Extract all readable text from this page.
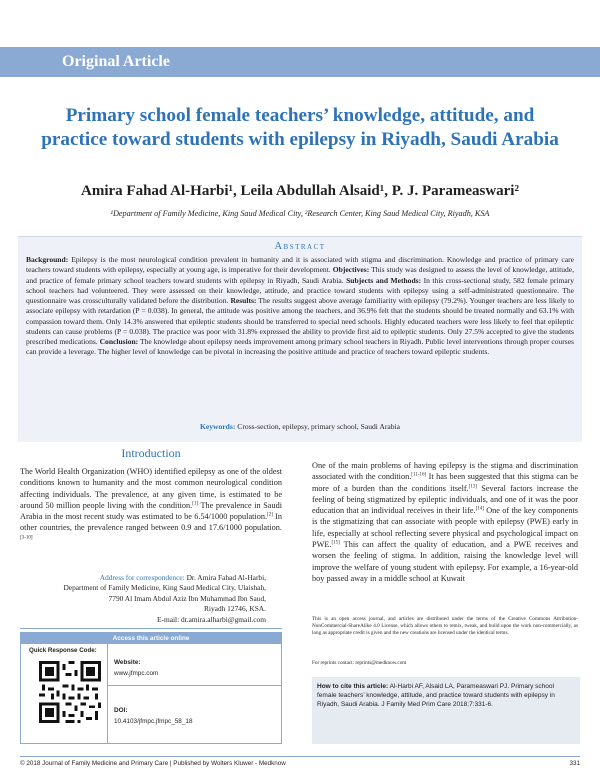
Original Article
Primary school female teachers’ knowledge, attitude, and practice toward students with epilepsy in Riyadh, Saudi Arabia
Amira Fahad Al-Harbi¹, Leila Abdullah Alsaid¹, P. J. Parameaswari²
¹Department of Family Medicine, King Saud Medical City, ²Research Center, King Saud Medical City, Riyadh, KSA
Abstract
Background: Epilepsy is the most neurological condition prevalent in humanity and it is associated with stigma and discrimination. Knowledge and practice of primary care teachers toward students with epilepsy, especially at young age, is imperative for their development. Objectives: This study was designed to assess the level of knowledge, attitude, and practice of female primary school teachers toward students with epilepsy in Riyadh, Saudi Arabia. Subjects and Methods: In this cross-sectional study, 582 female primary school teachers had volunteered. They were assessed on their knowledge, attitude, and practice toward students with epilepsy using a self-administrated questionnaire. The questionnaire was crossculturally validated before the distribution. Results: The results suggest above average familiarity with epilepsy (79.2%). Younger teachers are less likely to associate epilepsy with retardation (P = 0.038). In general, the attitude was positive among the teachers, and 36.9% felt that the students should be treated normally and 63.1% with compassion toward them. Only 14.3% answered that epileptic students should be transferred to special need schools. Highly educated teachers were less likely to feel that epileptic students can cause problems (P = 0.038). The practice was poor with 31.8% expressed the ability to provide first aid to epileptic students. Only 27.5% accepted to give the students prescribed medications. Conclusion: The knowledge about epilepsy needs improvement among primary school teachers in Riyadh. Public level interventions through proper courses can provide a leverage. The higher level of knowledge can be pivotal in increasing the positive attitude and practice of teachers toward epileptic students.
Keywords: Cross-section, epilepsy, primary school, Saudi Arabia
Introduction
The World Health Organization (WHO) identified epilepsy as one of the oldest conditions known to humanity and the most common neurological condition affecting individuals. The prevalence, at any given time, is estimated to be around 50 million people living with the condition.[1] The prevalence in Saudi Arabia in the most recent study was estimated to be 6.54/1000 population.[2] In other countries, the prevalence ranged between 0.9 and 17.6/1000 population.[3-10]
Address for correspondence: Dr. Amira Fahad Al-Harbi,
Department of Family Medicine, King Saud Medical City, Ulaishah,
7790 Al Imam Abdul Aziz Ibn Muhammad Ibn Saud,
Riyadh 12746, KSA.
E-mail: dr.amira.alharbi@gmail.com
Access this article online
Quick Response Code:
Website:
www.jfmpc.com
DOI:
10.4103/jfmpc.jfmpc_58_18
One of the main problems of having epilepsy is the stigma and discrimination associated with the condition.[11-16] It has been suggested that this stigma can be more of a burden than the conditions itself.[13] Several factors increase the feeling of being stigmatized by epileptic individuals, and one of it was the poor education that an individual receives in their life.[14] One of the key components is the stigmatizing that can associate with people with epilepsy (PWE) early in life, especially at school reflecting severe physical and psychological impact on PWE.[15] This can affect the quality of education, and a PWE receives and worsen the feeling of stigma. In addition, raising the knowledge level will improve the welfare of young student with epilepsy. For example, a 16-year-old boy passed away in a middle school at Kuwait
This is an open access journal, and articles are distributed under the terms of the Creative Commons Attribution-NonCommercial-ShareAlike 4.0 License, which allows others to remix, tweak, and build upon the work non-commercially, as long as appropriate credit is given and the new creations are licensed under the identical terms.
For reprints contact: reprints@medknow.com
How to cite this article: Al-Harbi AF, Alsaid LA, Parameaswari PJ. Primary school female teachers’ knowledge, attitude, and practice toward students with epilepsy in Riyadh, Saudi Arabia. J Family Med Prim Care 2018;7:331-6.
© 2018 Journal of Family Medicine and Primary Care | Published by Wolters Kluwer - Medknow	331
